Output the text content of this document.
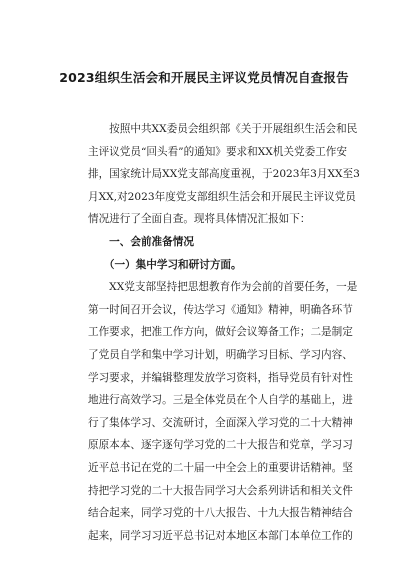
2023组织生活会和开展民主评议党员情况自查报告
　　按照中共XX委员会组织部《关于开展组织生活会和民
主评议党员“回头看”的通知》要求和XX机关党委工作安
排，国家统计局XX党支部高度重视，于2023年3月XX至3
月XX,对2023年度党支部组织生活会和开展民主评议党员
情况进行了全面自查。现将具体情况汇报如下：
　　一、会前准备情况
　　（一）集中学习和研讨方面。
　　XX党支部坚持把思想教育作为会前的首要任务，一是
第一时间召开会议，传达学习《通知》精神，明确各环节
工作要求，把准工作方向，做好会议筹备工作；二是制定
了党员自学和集中学习计划，明确学习目标、学习内容、
学习要求，并编辑整理发放学习资料，指导党员有针对性
地进行高效学习。三是全体党员在个人自学的基础上，进
行了集体学习、交流研讨，全面深入学习党的二十大精神
原原本本、逐字逐句学习党的二十大报告和党章，学习习
近平总书记在党的二十届一中全会上的重要讲话精神。坚
持把学习党的二十大报告同学习大会系列讲话和相关文件
结合起来，同学习党的十八大报告、十九大报告精神结合
起来，同学习习近平总书记对本地区本部门本单位工作的
